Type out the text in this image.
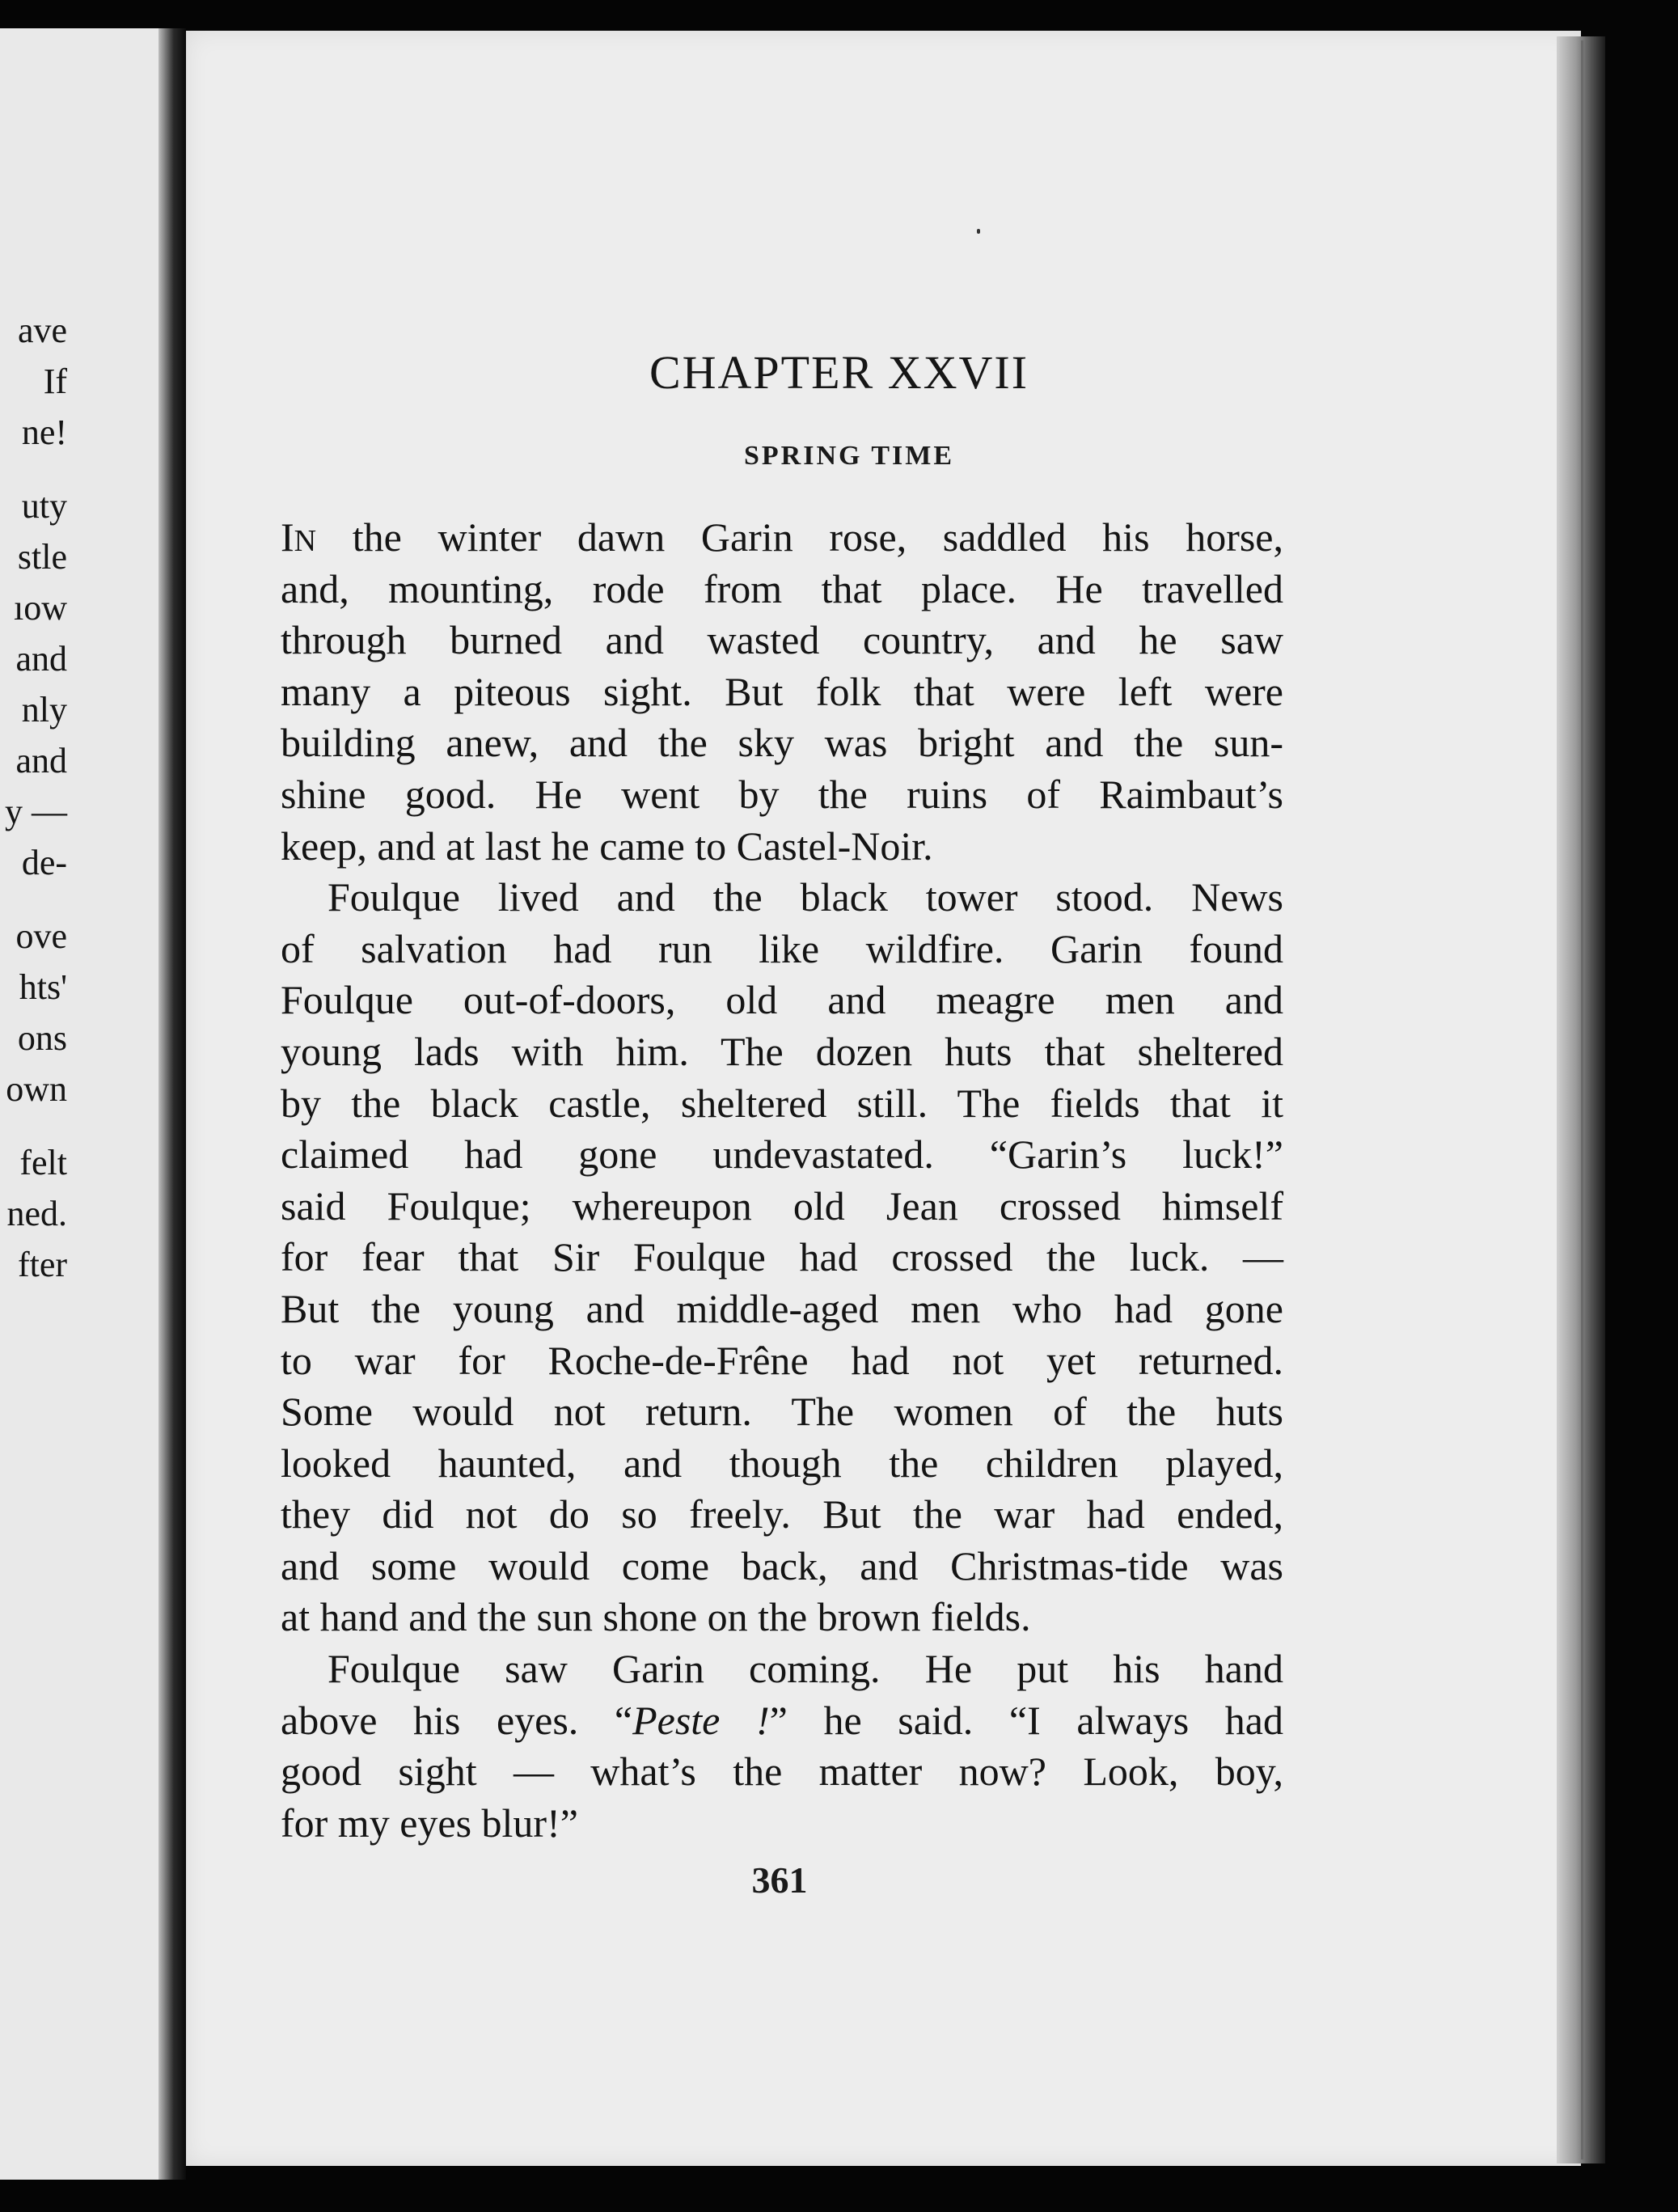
ave
If
ne!
uty
stle
ıow
and
nly
and
y —
de-
ove
hts'
ons
own
felt
ned.
fter
CHAPTER XXVII
SPRING TIME
IN the winter dawn Garin rose, saddled his horse,
and, mounting, rode from that place. He travelled
through burned and wasted country, and he saw
many a piteous sight. But folk that were left were
building anew, and the sky was bright and the sun-
shine good. He went by the ruins of Raimbaut’s
keep, and at last he came to Castel-Noir.
Foulque lived and the black tower stood. News
of salvation had run like wildfire. Garin found
Foulque out-of-doors, old and meagre men and
young lads with him. The dozen huts that sheltered
by the black castle, sheltered still. The fields that it
claimed had gone undevastated. “Garin’s luck!”
said Foulque; whereupon old Jean crossed himself
for fear that Sir Foulque had crossed the luck. —
But the young and middle-aged men who had gone
to war for Roche-de-Frêne had not yet returned.
Some would not return. The women of the huts
looked haunted, and though the children played,
they did not do so freely. But the war had ended,
and some would come back, and Christmas-tide was
at hand and the sun shone on the brown fields.
Foulque saw Garin coming. He put his hand
above his eyes. “Peste !” he said. “I always had
good sight — what’s the matter now? Look, boy,
for my eyes blur!”
361
